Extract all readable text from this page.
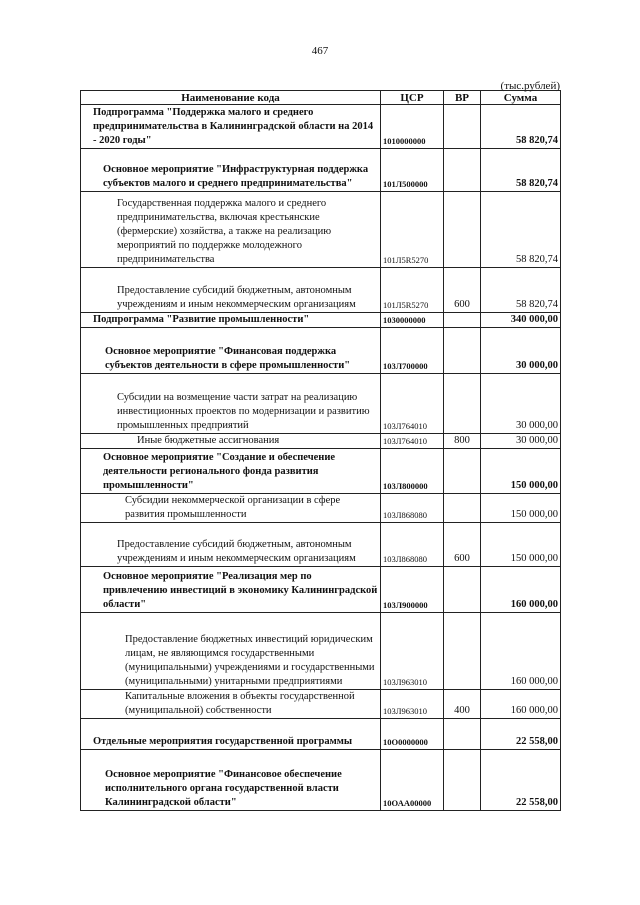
467
(тыс.рублей)
Наименование кода	ЦСР	ВР	Сумма

Подпрограмма "Поддержка малого и среднего предпринимательства в Калининградской области на 2014 - 2020 годы"	1010000000		58 820,74

Основное мероприятие "Инфраструктурная поддержка субъектов малого и среднего предпринимательства"	101Л500000		58 820,74

Государственная поддержка малого и среднего предпринимательства, включая крестьянские (фермерские) хозяйства, а также на реализацию мероприятий по поддержке молодежного предпринимательства	101Л5R5270		58 820,74

Предоставление субсидий бюджетным, автономным учреждениям и иным некоммерческим организациям	101Л5R5270	600	58 820,74

Подпрограмма "Развитие промышленности"	1030000000		340 000,00

Основное мероприятие "Финансовая поддержка субъектов деятельности в сфере промышленности"	103Л700000		30 000,00

Субсидии на возмещение части затрат на реализацию инвестиционных проектов по модернизации и развитию промышленных предприятий	103Л764010		30 000,00

Иные бюджетные ассигнования	103Л764010	800	30 000,00

Основное мероприятие "Создание и обеспечение деятельности регионального фонда развития промышленности"	103Л800000		150 000,00

Субсидии некоммерческой организации в сфере развития промышленности	103Л868080		150 000,00

Предоставление субсидий бюджетным, автономным учреждениям и иным некоммерческим организациям	103Л868080	600	150 000,00

Основное мероприятие "Реализация мер по привлечению инвестиций в экономику Калининградской области"	103Л900000		160 000,00

Предоставление бюджетных инвестиций юридическим лицам, не являющимся государственными (муниципальными) учреждениями и государственными (муниципальными) унитарными предприятиями	103Л963010		160 000,00

Капитальные вложения в объекты государственной (муниципальной) собственности	103Л963010	400	160 000,00

Отдельные мероприятия государственной программы	10О0000000		22 558,00

Основное мероприятие "Финансовое обеспечение исполнительного органа государственной власти Калининградской области"	10ОАА00000		22 558,00
